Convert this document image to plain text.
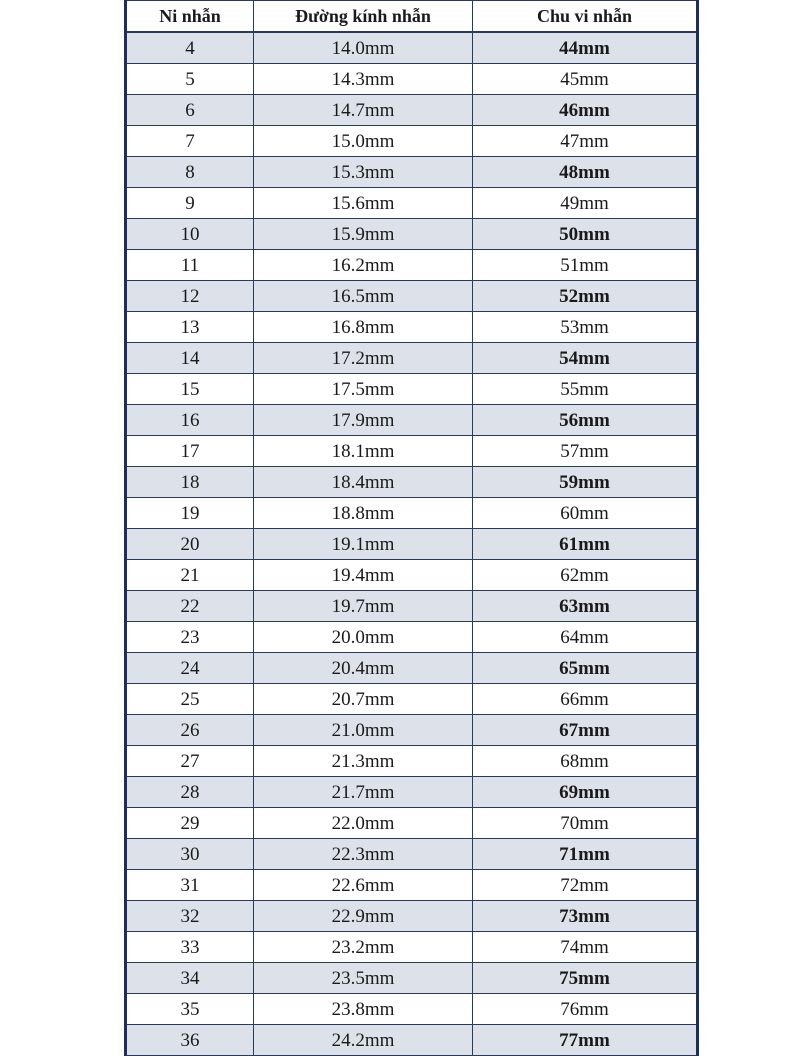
Ni nhẫn	Đường kính nhẫn	Chu vi nhẫn
4	14.0mm	44mm
5	14.3mm	45mm
6	14.7mm	46mm
7	15.0mm	47mm
8	15.3mm	48mm
9	15.6mm	49mm
10	15.9mm	50mm
11	16.2mm	51mm
12	16.5mm	52mm
13	16.8mm	53mm
14	17.2mm	54mm
15	17.5mm	55mm
16	17.9mm	56mm
17	18.1mm	57mm
18	18.4mm	59mm
19	18.8mm	60mm
20	19.1mm	61mm
21	19.4mm	62mm
22	19.7mm	63mm
23	20.0mm	64mm
24	20.4mm	65mm
25	20.7mm	66mm
26	21.0mm	67mm
27	21.3mm	68mm
28	21.7mm	69mm
29	22.0mm	70mm
30	22.3mm	71mm
31	22.6mm	72mm
32	22.9mm	73mm
33	23.2mm	74mm
34	23.5mm	75mm
35	23.8mm	76mm
36	24.2mm	77mm
